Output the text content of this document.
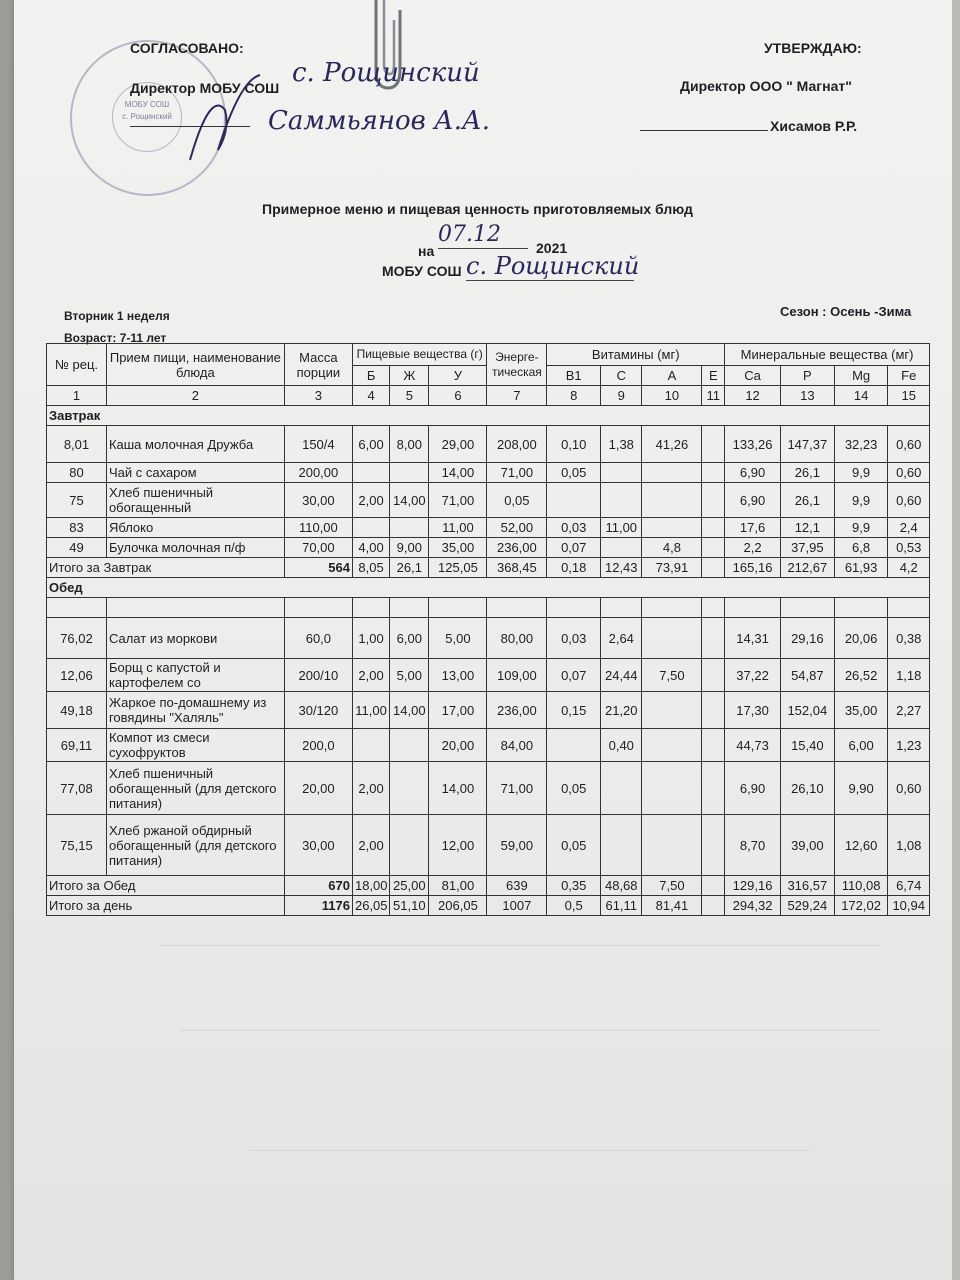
МОБУ СОШ
с. Рощинский
СОГЛАСОВАНО:
Директор МОБУ СОШ с. Рощинский
Саммьянов А.А.
УТВЕРЖДАЮ:
Директор ООО " Магнат"
Хисамов Р.Р.
Примерное меню и пищевая ценность приготовляемых блюд
на
07.12
2021
МОБУ СОШ с. Рощинский
Вторник 1 неделя
Возраст: 7-11 лет
Сезон : Осень -Зима
№ рец.	Прием пищи, наименование блюда	Масса порции	Пищевые вещества (г)			Энерге-тическая	Витамины (мг)				Минеральные вещества (мг)			
			Б	Ж	У		В1	С	А	Е	Ca	P	Mg	Fe
1	2	3	4	5	6	7	8	9	10	11	12	13	14	15
Завтрак														
8,01	Каша молочная Дружба	150/4	6,00	8,00	29,00	208,00	0,10	1,38	41,26		133,26	147,37	32,23	0,60
80	Чай с сахаром	200,00			14,00	71,00	0,05				6,90	26,1	9,9	0,60
75	Хлеб пшеничный обогащенный	30,00	2,00	14,00	71,00	0,05					6,90	26,1	9,9	0,60
83	Яблоко	110,00			11,00	52,00	0,03	11,00			17,6	12,1	9,9	2,4
49	Булочка молочная п/ф	70,00	4,00	9,00	35,00	236,00	0,07		4,8		2,2	37,95	6,8	0,53
Итого за Завтрак		564	8,05	26,1	125,05	368,45	0,18	12,43	73,91		165,16	212,67	61,93	4,2
Обед														

76,02	Салат из моркови	60,0	1,00	6,00	5,00	80,00	0,03	2,64			14,31	29,16	20,06	0,38
12,06	Борщ с капустой и картофелем со	200/10	2,00	5,00	13,00	109,00	0,07	24,44	7,50		37,22	54,87	26,52	1,18
49,18	Жаркое по-домашнему из говядины "Халяль"	30/120	11,00	14,00	17,00	236,00	0,15	21,20			17,30	152,04	35,00	2,27
69,11	Компот из смеси сухофруктов	200,0			20,00	84,00		0,40			44,73	15,40	6,00	1,23
77,08	Хлеб пшеничный обогащенный (для детского питания)	20,00	2,00		14,00	71,00	0,05				6,90	26,10	9,90	0,60
75,15	Хлеб ржаной обдирный обогащенный (для детского питания)	30,00	2,00		12,00	59,00	0,05				8,70	39,00	12,60	1,08
Итого за Обед		670	18,00	25,00	81,00	639	0,35	48,68	7,50		129,16	316,57	110,08	6,74
Итого за день		1176	26,05	51,10	206,05	1007	0,5	61,11	81,41		294,32	529,24	172,02	10,94
